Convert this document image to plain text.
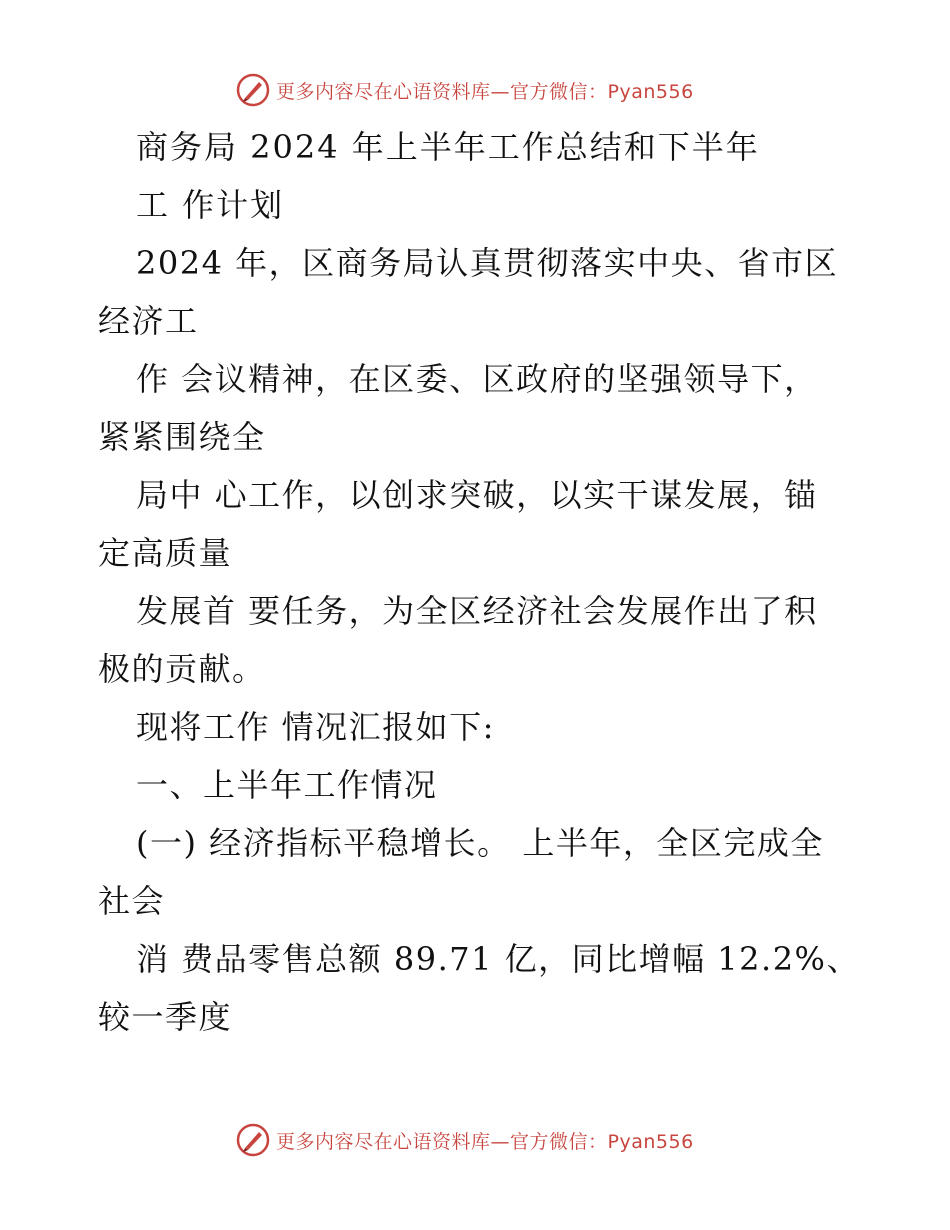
更多内容尽在心语资料库—官方微信：Pyan556
商务局 2024 年上半年工作总结和下半年
工 作计划
2024 年，区商务局认真贯彻落实中央、省市区
经济工
作 会议精神，在区委、区政府的坚强领导下，
紧紧围绕全
局中 心工作，以创求突破，以实干谋发展，锚
定高质量
发展首 要任务，为全区经济社会发展作出了积
极的贡献。
现将工作 情况汇报如下:
一、上半年工作情况
(一) 经济指标平稳增长。 上半年，全区完成全
社会
消 费品零售总额 89.71 亿，同比增幅 12.2%、
较一季度
更多内容尽在心语资料库—官方微信：Pyan556
